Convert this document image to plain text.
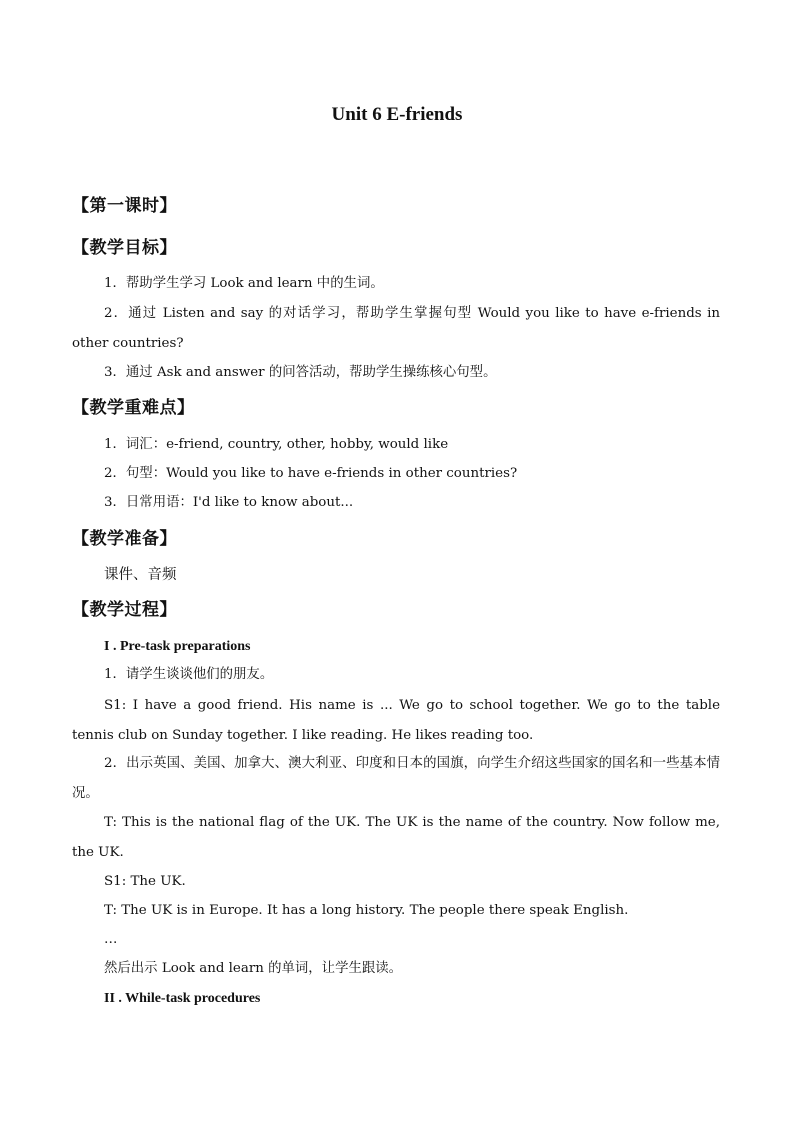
Unit 6 E-friends
【第一课时】
【教学目标】
1．帮助学生学习 Look and learn 中的生词。
2．通过 Listen and say 的对话学习，帮助学生掌握句型 Would you like to have e-friends in other countries?
3．通过 Ask and answer 的问答活动，帮助学生操练核心句型。
【教学重难点】
1．词汇：e-friend, country, other, hobby, would like
2．句型：Would you like to have e-friends in other countries?
3．日常用语：I'd like to know about...
【教学准备】
课件、音频
【教学过程】
I . Pre-task preparations
1．请学生谈谈他们的朋友。
S1: I have a good friend. His name is ... We go to school together. We go to the table tennis club on Sunday together. I like reading. He likes reading too.
2．出示英国、美国、加拿大、澳大利亚、印度和日本的国旗，向学生介绍这些国家的国名和一些基本情况。
T: This is the national flag of the UK. The UK is the name of the country. Now follow me, the UK.
S1: The UK.
T: The UK is in Europe. It has a long history. The people there speak English.
…
然后出示 Look and learn 的单词，让学生跟读。
II . While-task procedures
